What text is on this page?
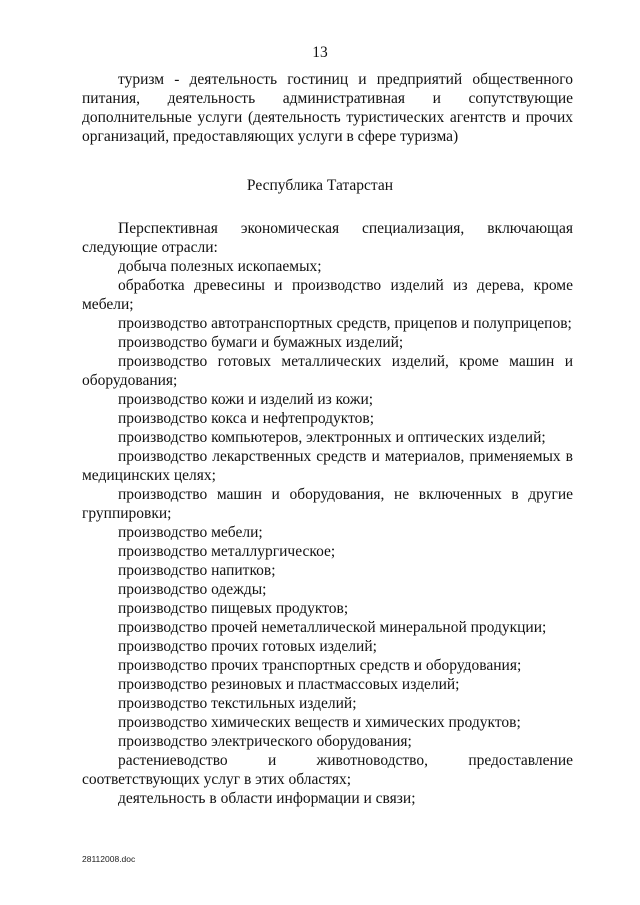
13
туризм - деятельность гостиниц и предприятий общественного
питания, деятельность административная и сопутствующие
дополнительные услуги (деятельность туристических агентств и прочих
организаций, предоставляющих услуги в сфере туризма)
Республика Татарстан
Перспективная экономическая специализация, включающая
следующие отрасли:
добыча полезных ископаемых;
обработка древесины и производство изделий из дерева, кроме
мебели;
производство автотранспортных средств, прицепов и полуприцепов;
производство бумаги и бумажных изделий;
производство готовых металлических изделий, кроме машин и
оборудования;
производство кожи и изделий из кожи;
производство кокса и нефтепродуктов;
производство компьютеров, электронных и оптических изделий;
производство лекарственных средств и материалов, применяемых в
медицинских целях;
производство машин и оборудования, не включенных в другие
группировки;
производство мебели;
производство металлургическое;
производство напитков;
производство одежды;
производство пищевых продуктов;
производство прочей неметаллической минеральной продукции;
производство прочих готовых изделий;
производство прочих транспортных средств и оборудования;
производство резиновых и пластмассовых изделий;
производство текстильных изделий;
производство химических веществ и химических продуктов;
производство электрического оборудования;
растениеводство и животноводство, предоставление
соответствующих услуг в этих областях;
деятельность в области информации и связи;
28112008.doc
